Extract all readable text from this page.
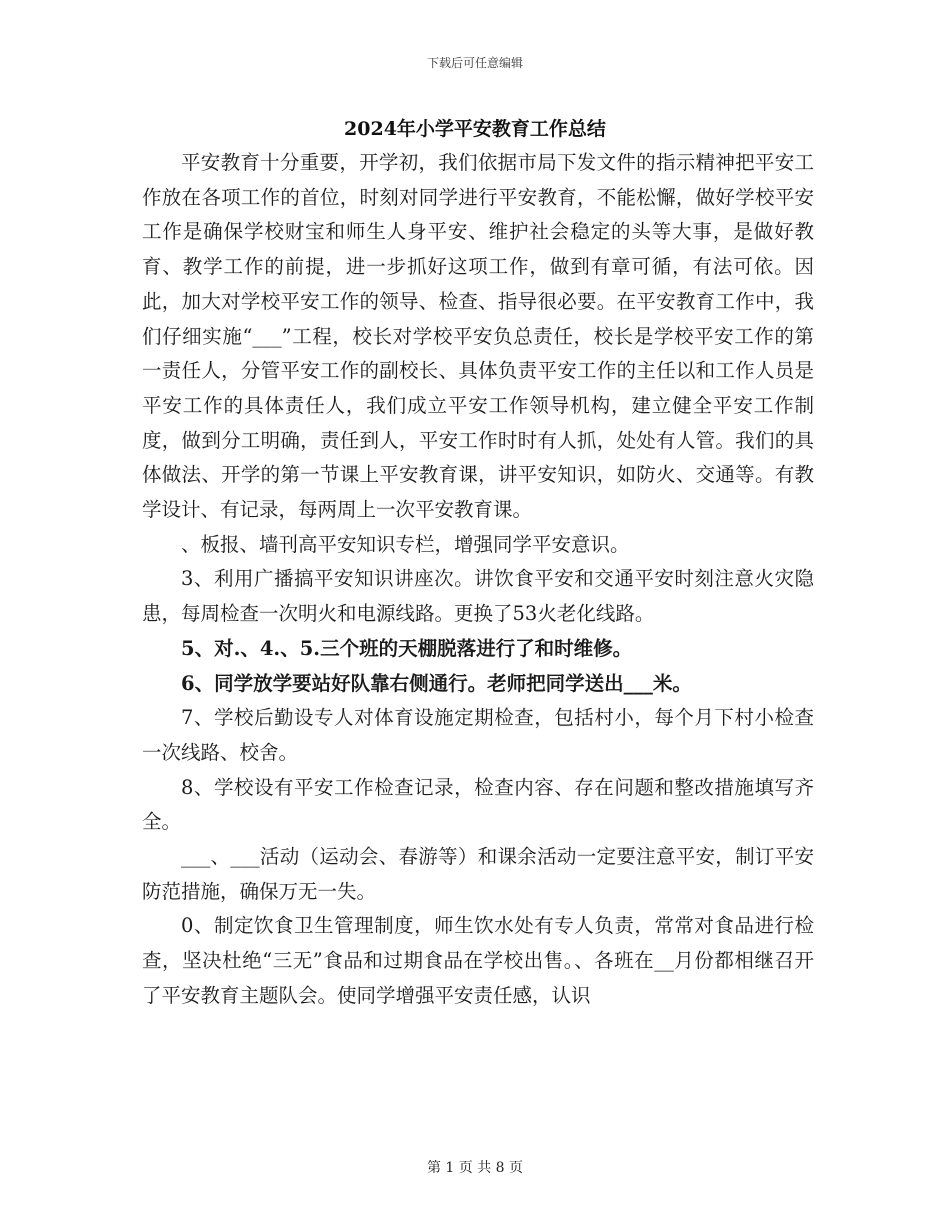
下载后可任意编辑
2024年小学平安教育工作总结

平安教育十分重要，开学初，我们依据市局下发文件的指示精神把平安工作放在各项工作的首位，时刻对同学进行平安教育，不能松懈，做好学校平安工作是确保学校财宝和师生人身平安、维护社会稳定的头等大事，是做好教育、教学工作的前提，进一步抓好这项工作，做到有章可循，有法可依。因此，加大对学校平安工作的领导、检查、指导很必要。在平安教育工作中，我们仔细实施“___”工程，校长对学校平安负总责任，校长是学校平安工作的第一责任人，分管平安工作的副校长、具体负责平安工作的主任以和工作人员是平安工作的具体责任人，我们成立平安工作领导机构，建立健全平安工作制度，做到分工明确，责任到人，平安工作时时有人抓，处处有人管。我们的具体做法、开学的第一节课上平安教育课，讲平安知识，如防火、交通等。有教学设计、有记录，每两周上一次平安教育课。

、板报、墙刊高平安知识专栏，增强同学平安意识。

3、利用广播搞平安知识讲座次。讲饮食平安和交通平安时刻注意火灾隐患，每周检查一次明火和电源线路。更换了53火老化线路。

5、对.、4.、5.三个班的天棚脱落进行了和时维修。

6、同学放学要站好队靠右侧通行。老师把同学送出___米。

7、学校后勤设专人对体育设施定期检查，包括村小，每个月下村小检查一次线路、校舍。

8、学校设有平安工作检查记录，检查内容、存在问题和整改措施填写齐全。

___、___活动（运动会、春游等）和课余活动一定要注意平安，制订平安防范措施，确保万无一失。

0、制定饮食卫生管理制度，师生饮水处有专人负责，常常对食品进行检查，坚决杜绝“三无”食品和过期食品在学校出售。、各班在__月份都相继召开了平安教育主题队会。使同学增强平安责任感，认识

第 1 页 共 8 页
